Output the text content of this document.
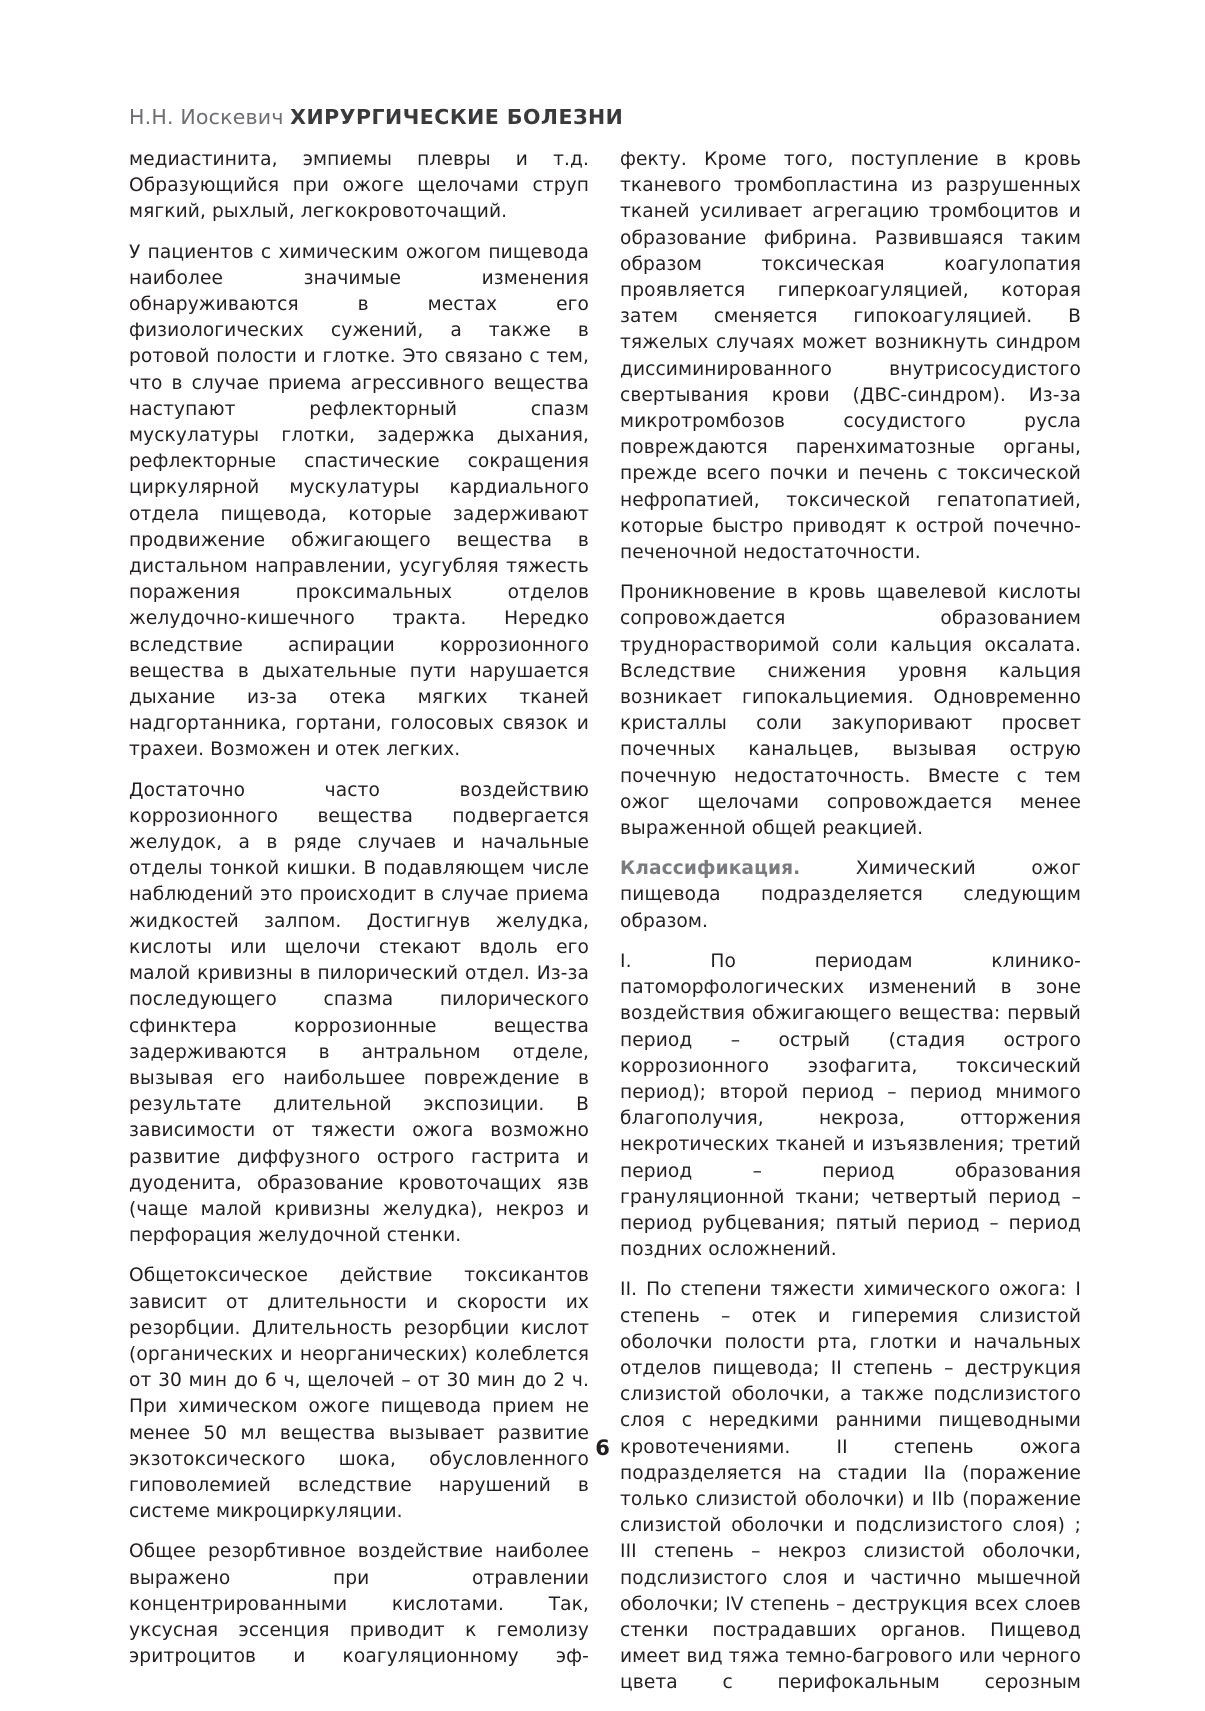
Н.Н. Иоскевич ХИРУРГИЧЕСКИЕ БОЛЕЗНИ

медиастинита, эмпиемы плевры и т.д. Образующийся при ожоге щелочами струп мягкий, рыхлый, легкокровоточащий.

У пациентов с химическим ожогом пищевода наиболее значимые изменения обнаруживаются в местах его физиологических сужений, а также в ротовой полости и глотке. Это связано с тем, что в случае приема агрессивного вещества наступают рефлекторный спазм мускулатуры глотки, задержка дыхания, рефлекторные спастические сокращения циркулярной мускулатуры кардиального отдела пищевода, которые задерживают продвижение обжигающего вещества в дистальном направлении, усугубляя тяжесть поражения проксимальных отделов желудочно-кишечного тракта. Нередко вследствие аспирации коррозионного вещества в дыхательные пути нарушается дыхание из-за отека мягких тканей надгортанника, гортани, голосовых связок и трахеи. Возможен и отек легких.

Достаточно часто воздействию коррозионного вещества подвергается желудок, а в ряде случаев и начальные отделы тонкой кишки. В подавляющем числе наблюдений это происходит в случае приема жидкостей залпом. Достигнув желудка, кислоты или щелочи стекают вдоль его малой кривизны в пилорический отдел. Из-за последующего спазма пилорического сфинктера коррозионные вещества задерживаются в антральном отделе, вызывая его наибольшее повреждение в результате длительной экспозиции. В зависимости от тяжести ожога возможно развитие диффузного острого гастрита и дуоденита, образование кровоточащих язв (чаще малой кривизны желудка), некроз и перфорация желудочной стенки.

Общетоксическое действие токсикантов зависит от длительности и скорости их резорбции. Длительность резорбции кислот (органических и неорганических) колеблется от 30 мин до 6 ч, щелочей – от 30 мин до 2 ч. При химическом ожоге пищевода прием не менее 50 мл вещества вызывает развитие экзотоксического шока, обусловленного гиповолемией вследствие нарушений в системе микроциркуляции.

Общее резорбтивное воздействие наиболее выражено при отравлении концентрированными кислотами. Так, уксусная эссенция приводит к гемолизу эритроцитов и коагуляционному эф-

фекту. Кроме того, поступление в кровь тканевого тромбопластина из разрушенных тканей усиливает агрегацию тромбоцитов и образование фибрина. Развившаяся таким образом токсическая коагулопатия проявляется гиперкоагуляцией, которая затем сменяется гипокоагуляцией. В тяжелых случаях может возникнуть синдром диссиминированного внутрисосудистого свертывания крови (ДВС-синдром). Из-за микротромбозов сосудистого русла повреждаются паренхиматозные органы, прежде всего почки и печень с токсической нефропатией, токсической гепатопатией, которые быстро приводят к острой почечно-печеночной недостаточности.

Проникновение в кровь щавелевой кислоты сопровождается образованием труднорастворимой соли кальция оксалата. Вследствие снижения уровня кальция возникает гипокальциемия. Одновременно кристаллы соли закупоривают просвет почечных канальцев, вызывая острую почечную недостаточность. Вместе с тем ожог щелочами сопровождается менее выраженной общей реакцией.

Классификация. Химический ожог пищевода подразделяется следующим образом.

I. По периодам клинико-патоморфологических изменений в зоне воздействия обжигающего вещества: первый период – острый (стадия острого коррозионного эзофагита, токсический период); второй период – период мнимого благополучия, некроза, отторжения некротических тканей и изъязвления; третий период – период образования грануляционной ткани; четвертый период – период рубцевания; пятый период – период поздних осложнений.

II. По степени тяжести химического ожога: I степень – отек и гиперемия слизистой оболочки полости рта, глотки и начальных отделов пищевода; II степень – деструкция слизистой оболочки, а также подслизистого слоя с нередкими ранними пищеводными кровотечениями. II степень ожога подразделяется на стадии IIa (поражение только слизистой оболочки) и IIb (поражение слизистой оболочки и подслизистого слоя) ; III степень – некроз слизистой оболочки, подслизистого слоя и частично мышечной оболочки; IV степень – деструкция всех слоев стенки пострадавших органов. Пищевод имеет вид тяжа темно-багрового или черного цвета с перифокальным серозным

6
